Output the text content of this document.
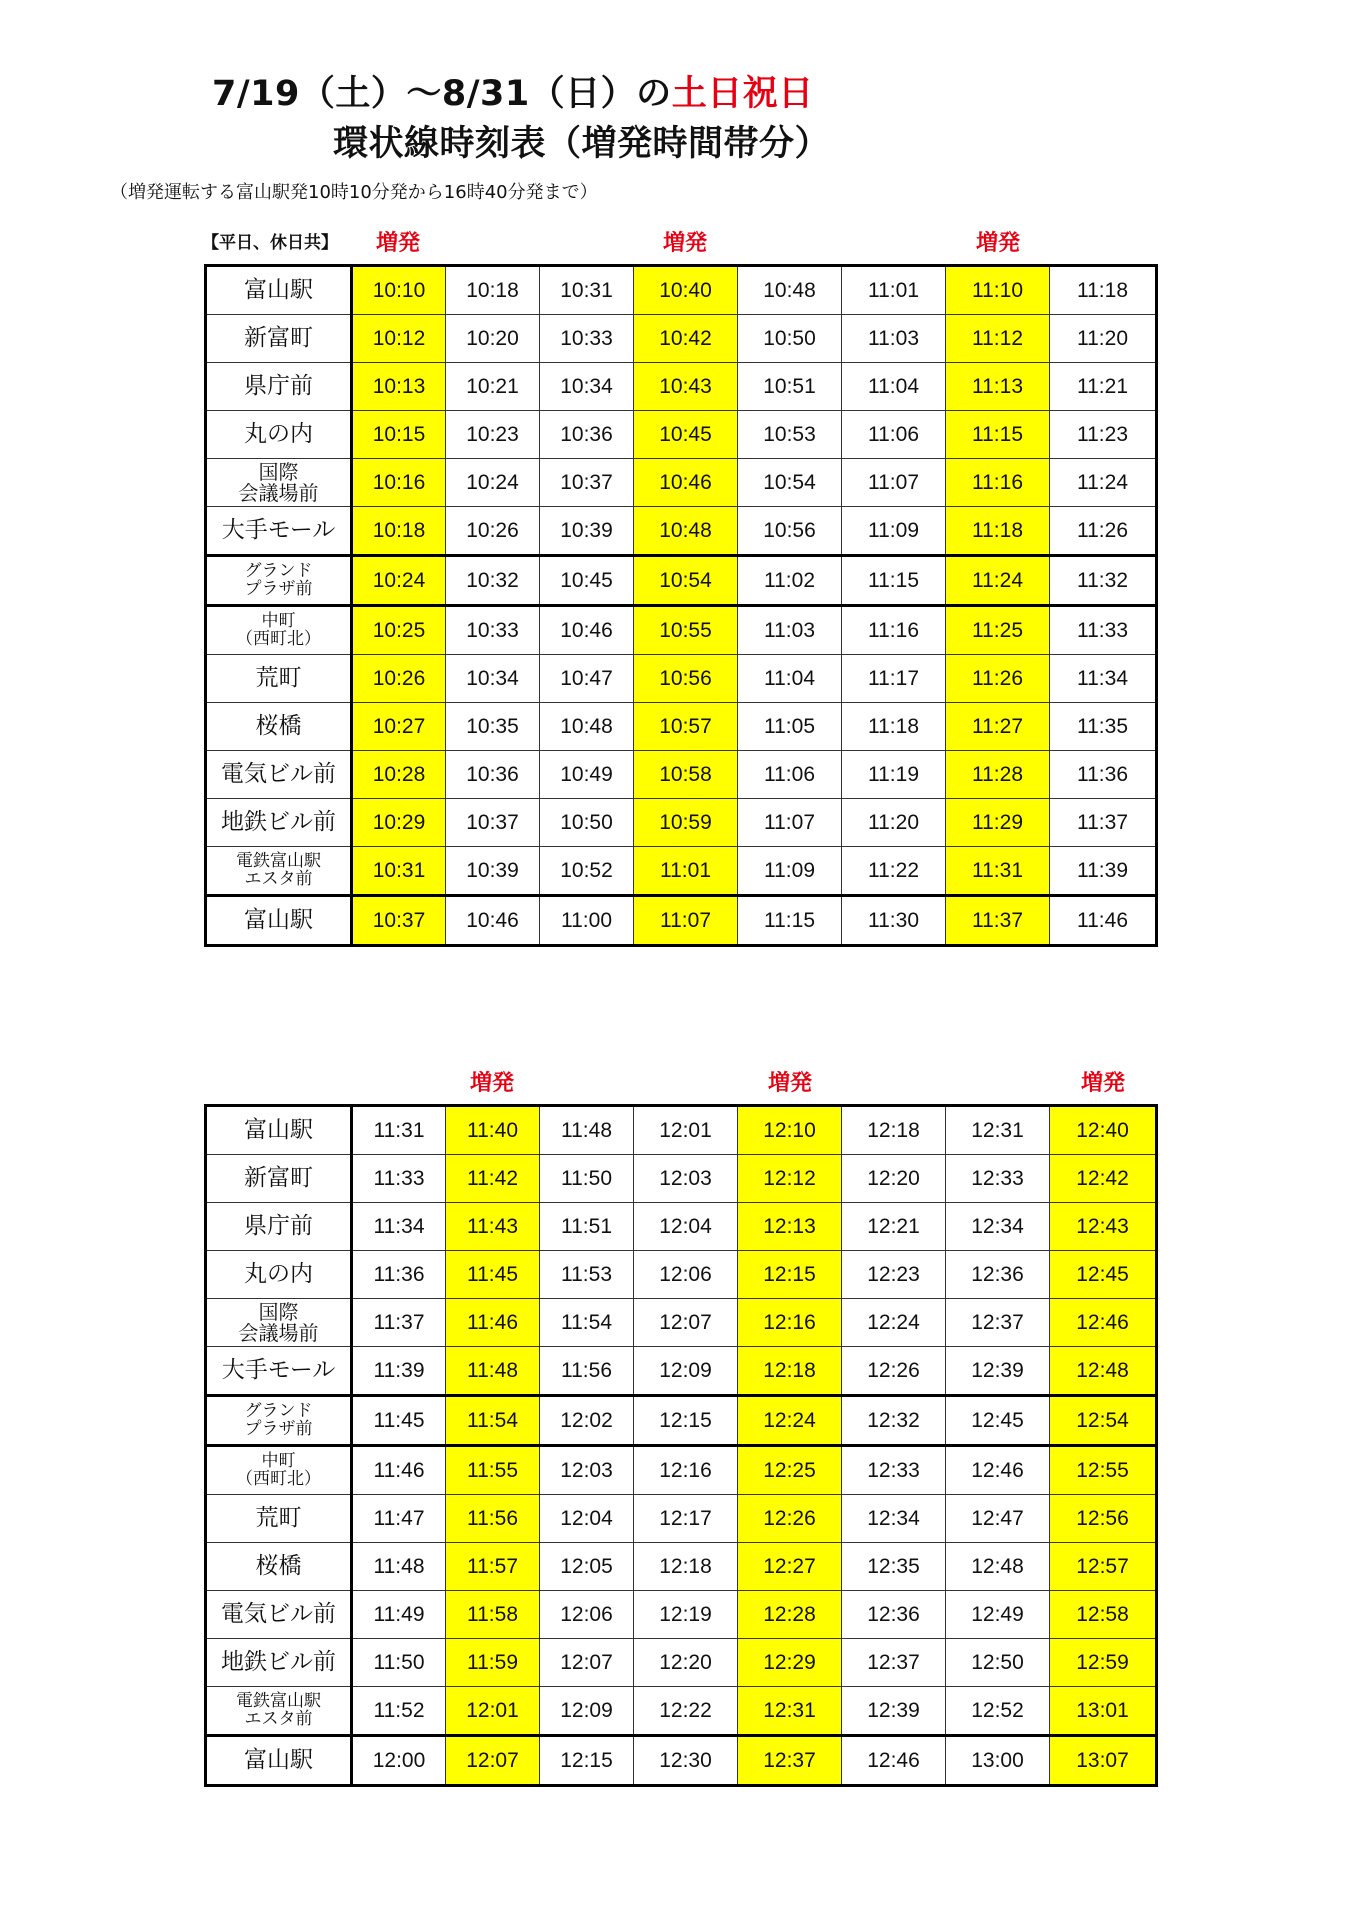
7/19（土）～8/31（日）の土日祝日
環状線時刻表（増発時間帯分）
（増発運転する富山駅発10時10分発から16時40分発まで）
【平日、休日共】 増発	増発	増発
富山駅	10:10	10:18	10:31	10:40	10:48	11:01	11:10	11:18

新富町	10:12	10:20	10:33	10:42	10:50	11:03	11:12	11:20

県庁前	10:13	10:21	10:34	10:43	10:51	11:04	11:13	11:21

丸の内	10:15	10:23	10:36	10:45	10:53	11:06	11:15	11:23

国際
会議場前	10:16	10:24	10:37	10:46	10:54	11:07	11:16	11:24

大手モール	10:18	10:26	10:39	10:48	10:56	11:09	11:18	11:26

グランド
プラザ前	10:24	10:32	10:45	10:54	11:02	11:15	11:24	11:32

中町
（西町北）	10:25	10:33	10:46	10:55	11:03	11:16	11:25	11:33

荒町	10:26	10:34	10:47	10:56	11:04	11:17	11:26	11:34

桜橋	10:27	10:35	10:48	10:57	11:05	11:18	11:27	11:35

電気ビル前	10:28	10:36	10:49	10:58	11:06	11:19	11:28	11:36

地鉄ビル前	10:29	10:37	10:50	10:59	11:07	11:20	11:29	11:37

電鉄富山駅
エスタ前	10:31	10:39	10:52	11:01	11:09	11:22	11:31	11:39

富山駅	10:37	10:46	11:00	11:07	11:15	11:30	11:37	11:46
増発	増発	増発
富山駅	11:31	11:40	11:48	12:01	12:10	12:18	12:31	12:40

新富町	11:33	11:42	11:50	12:03	12:12	12:20	12:33	12:42

県庁前	11:34	11:43	11:51	12:04	12:13	12:21	12:34	12:43

丸の内	11:36	11:45	11:53	12:06	12:15	12:23	12:36	12:45

国際
会議場前	11:37	11:46	11:54	12:07	12:16	12:24	12:37	12:46

大手モール	11:39	11:48	11:56	12:09	12:18	12:26	12:39	12:48

グランド
プラザ前	11:45	11:54	12:02	12:15	12:24	12:32	12:45	12:54

中町
（西町北）	11:46	11:55	12:03	12:16	12:25	12:33	12:46	12:55

荒町	11:47	11:56	12:04	12:17	12:26	12:34	12:47	12:56

桜橋	11:48	11:57	12:05	12:18	12:27	12:35	12:48	12:57

電気ビル前	11:49	11:58	12:06	12:19	12:28	12:36	12:49	12:58

地鉄ビル前	11:50	11:59	12:07	12:20	12:29	12:37	12:50	12:59

電鉄富山駅
エスタ前	11:52	12:01	12:09	12:22	12:31	12:39	12:52	13:01

富山駅	12:00	12:07	12:15	12:30	12:37	12:46	13:00	13:07
